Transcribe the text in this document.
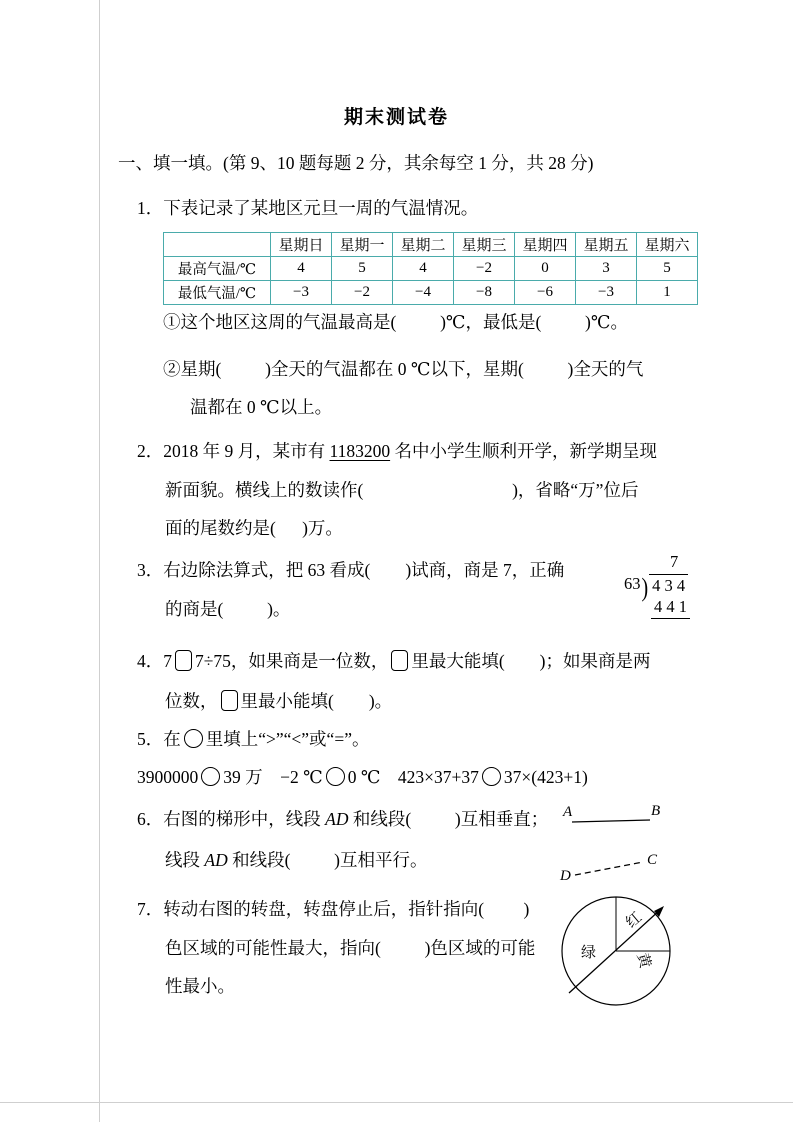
期末测试卷
一、填一填。(第 9、10 题每题 2 分，其余每空 1 分，共 28 分)
1．下表记录了某地区元旦一周的气温情况。
	星期日	星期一	星期二	星期三	星期四	星期五	星期六
最高气温/℃	4	5	4	−2	0	3	5
最低气温/℃	−3	−2	−4	−8	−6	−3	1
①这个地区这周的气温最高是(          )℃，最低是(          )℃。
②星期(          )全天的气温都在 0 ℃以下，星期(          )全天的气
温都在 0 ℃以上。
2．2018 年 9 月，某市有 1183200 名中小学生顺利开学，新学期呈现
新面貌。横线上的数读作(                                  )，省略“万”位后
面的尾数约是(      )万。
3．右边除法算式，把 63 看成(        )试商，商是 7，正确
的商是(          )。
7
63 ) 4 3 4
4 4 1
4．7 7÷75，如果商是一位数， 里最大能填(        )；如果商是两
位数， 里最小能填(        )。
5．在 里填上“>”“<”或“=”。
3900000 39 万    −2 ℃ 0 ℃    423×37+37 37×(423+1)
6．右图的梯形中，线段 AD 和线段(          )互相垂直；
线段 AD 和线段(          )互相平行。
A	B
D
C
7．转动右图的转盘，转盘停止后，指针指向(         )
色区域的可能性最大，指向(          )色区域的可能
性最小。
红
绿 黄
